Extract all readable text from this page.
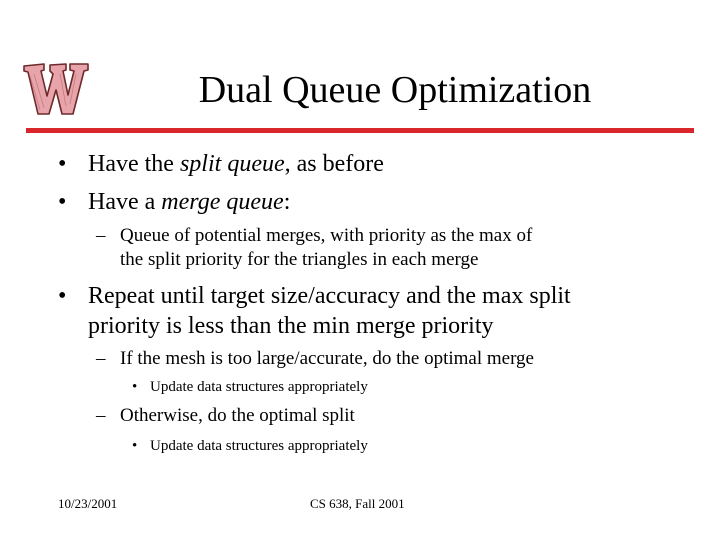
Dual Queue Optimization
• Have the split queue, as before
• Have a merge queue:
– Queue of potential merges, with priority as the max of
the split priority for the triangles in each merge
• Repeat until target size/accuracy and the max split
priority is less than the min merge priority
– If the mesh is too large/accurate, do the optimal merge
• Update data structures appropriately
– Otherwise, do the optimal split
• Update data structures appropriately
10/23/2001	CS 638, Fall 2001
